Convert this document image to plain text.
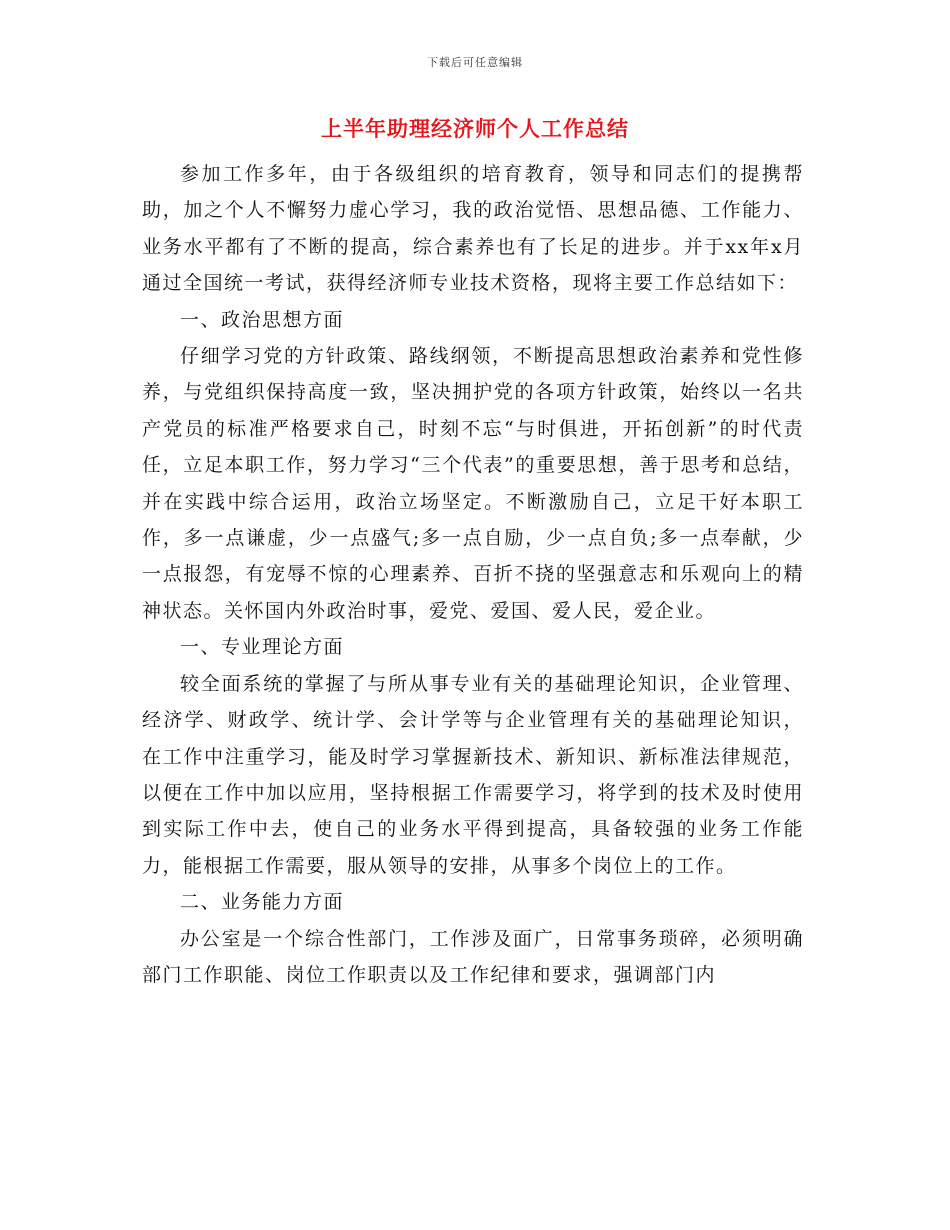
下载后可任意编辑
上半年助理经济师个人工作总结

参加工作多年，由于各级组织的培育教育，领导和同志们的提携帮助，加之个人不懈努力虚心学习，我的政治觉悟、思想品德、工作能力、业务水平都有了不断的提高，综合素养也有了长足的进步。并于xx年x月通过全国统一考试，获得经济师专业技术资格，现将主要工作总结如下：

一、政治思想方面

仔细学习党的方针政策、路线纲领，不断提高思想政治素养和党性修养，与党组织保持高度一致，坚决拥护党的各项方针政策，始终以一名共产党员的标准严格要求自己，时刻不忘“与时俱进，开拓创新”的时代责任，立足本职工作，努力学习“三个代表”的重要思想，善于思考和总结，并在实践中综合运用，政治立场坚定。不断激励自己，立足干好本职工作，多一点谦虚，少一点盛气;多一点自励，少一点自负;多一点奉献，少一点报怨，有宠辱不惊的心理素养、百折不挠的坚强意志和乐观向上的精神状态。关怀国内外政治时事，爱党、爱国、爱人民，爱企业。

一、专业理论方面

较全面系统的掌握了与所从事专业有关的基础理论知识，企业管理、经济学、财政学、统计学、会计学等与企业管理有关的基础理论知识， 在工作中注重学习，能及时学习掌握新技术、新知识、新标准法律规范，以便在工作中加以应用，坚持根据工作需要学习，将学到的技术及时使用到实际工作中去，使自己的业务水平得到提高，具备较强的业务工作能力，能根据工作需要，服从领导的安排，从事多个岗位上的工作。

二、业务能力方面

办公室是一个综合性部门，工作涉及面广，日常事务琐碎，必须明确部门工作职能、岗位工作职责以及工作纪律和要求，强调部门内
